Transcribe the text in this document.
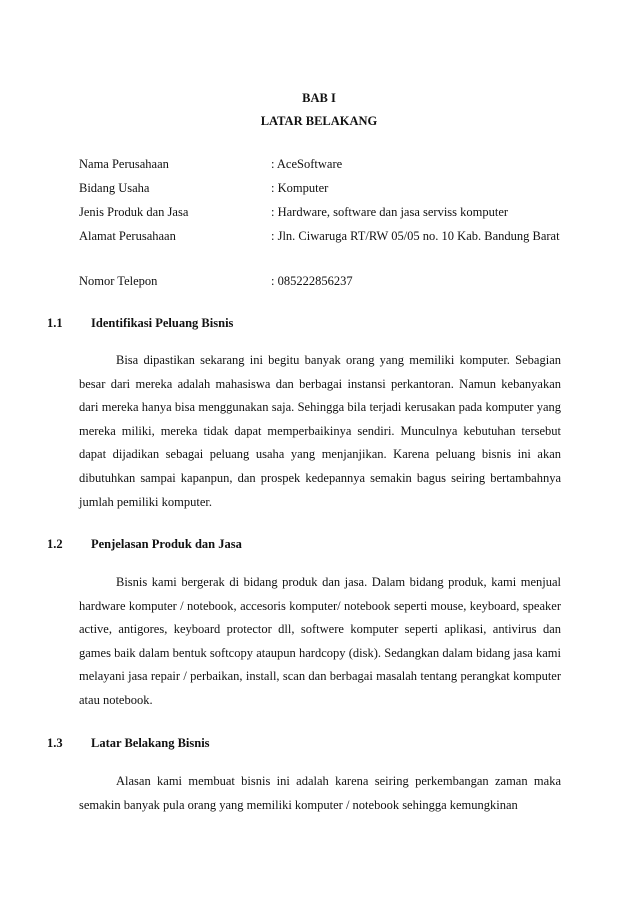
BAB I
LATAR BELAKANG
Nama Perusahaan	: AceSoftware
Bidang Usaha	: Komputer
Jenis Produk dan Jasa	: Hardware, software dan jasa serviss komputer
Alamat Perusahaan	: Jln. Ciwaruga RT/RW 05/05 no. 10 Kab. Bandung Barat
Nomor Telepon	: 085222856237
1.1 Identifikasi Peluang Bisnis

Bisa dipastikan sekarang ini begitu banyak orang yang memiliki komputer. Sebagian besar dari mereka adalah mahasiswa dan berbagai instansi perkantoran. Namun kebanyakan dari mereka hanya bisa menggunakan saja. Sehingga bila terjadi kerusakan pada komputer yang mereka miliki, mereka tidak dapat memperbaikinya sendiri. Munculnya kebutuhan tersebut dapat dijadikan sebagai peluang usaha yang menjanjikan. Karena peluang bisnis ini akan dibutuhkan sampai kapanpun, dan prospek kedepannya semakin bagus seiring bertambahnya jumlah pemiliki komputer.

1.2 Penjelasan Produk dan Jasa

Bisnis kami bergerak di bidang produk dan jasa. Dalam bidang produk, kami menjual hardware komputer / notebook, accesoris komputer/ notebook seperti mouse, keyboard, speaker active, antigores, keyboard protector dll, softwere komputer seperti aplikasi, antivirus dan games baik dalam bentuk softcopy ataupun hardcopy (disk). Sedangkan dalam bidang jasa kami melayani jasa repair / perbaikan, install, scan dan berbagai masalah tentang perangkat komputer atau notebook.

1.3 Latar Belakang Bisnis

Alasan kami membuat bisnis ini adalah karena seiring perkembangan zaman maka semakin banyak pula orang yang memiliki komputer / notebook sehingga kemungkinan
